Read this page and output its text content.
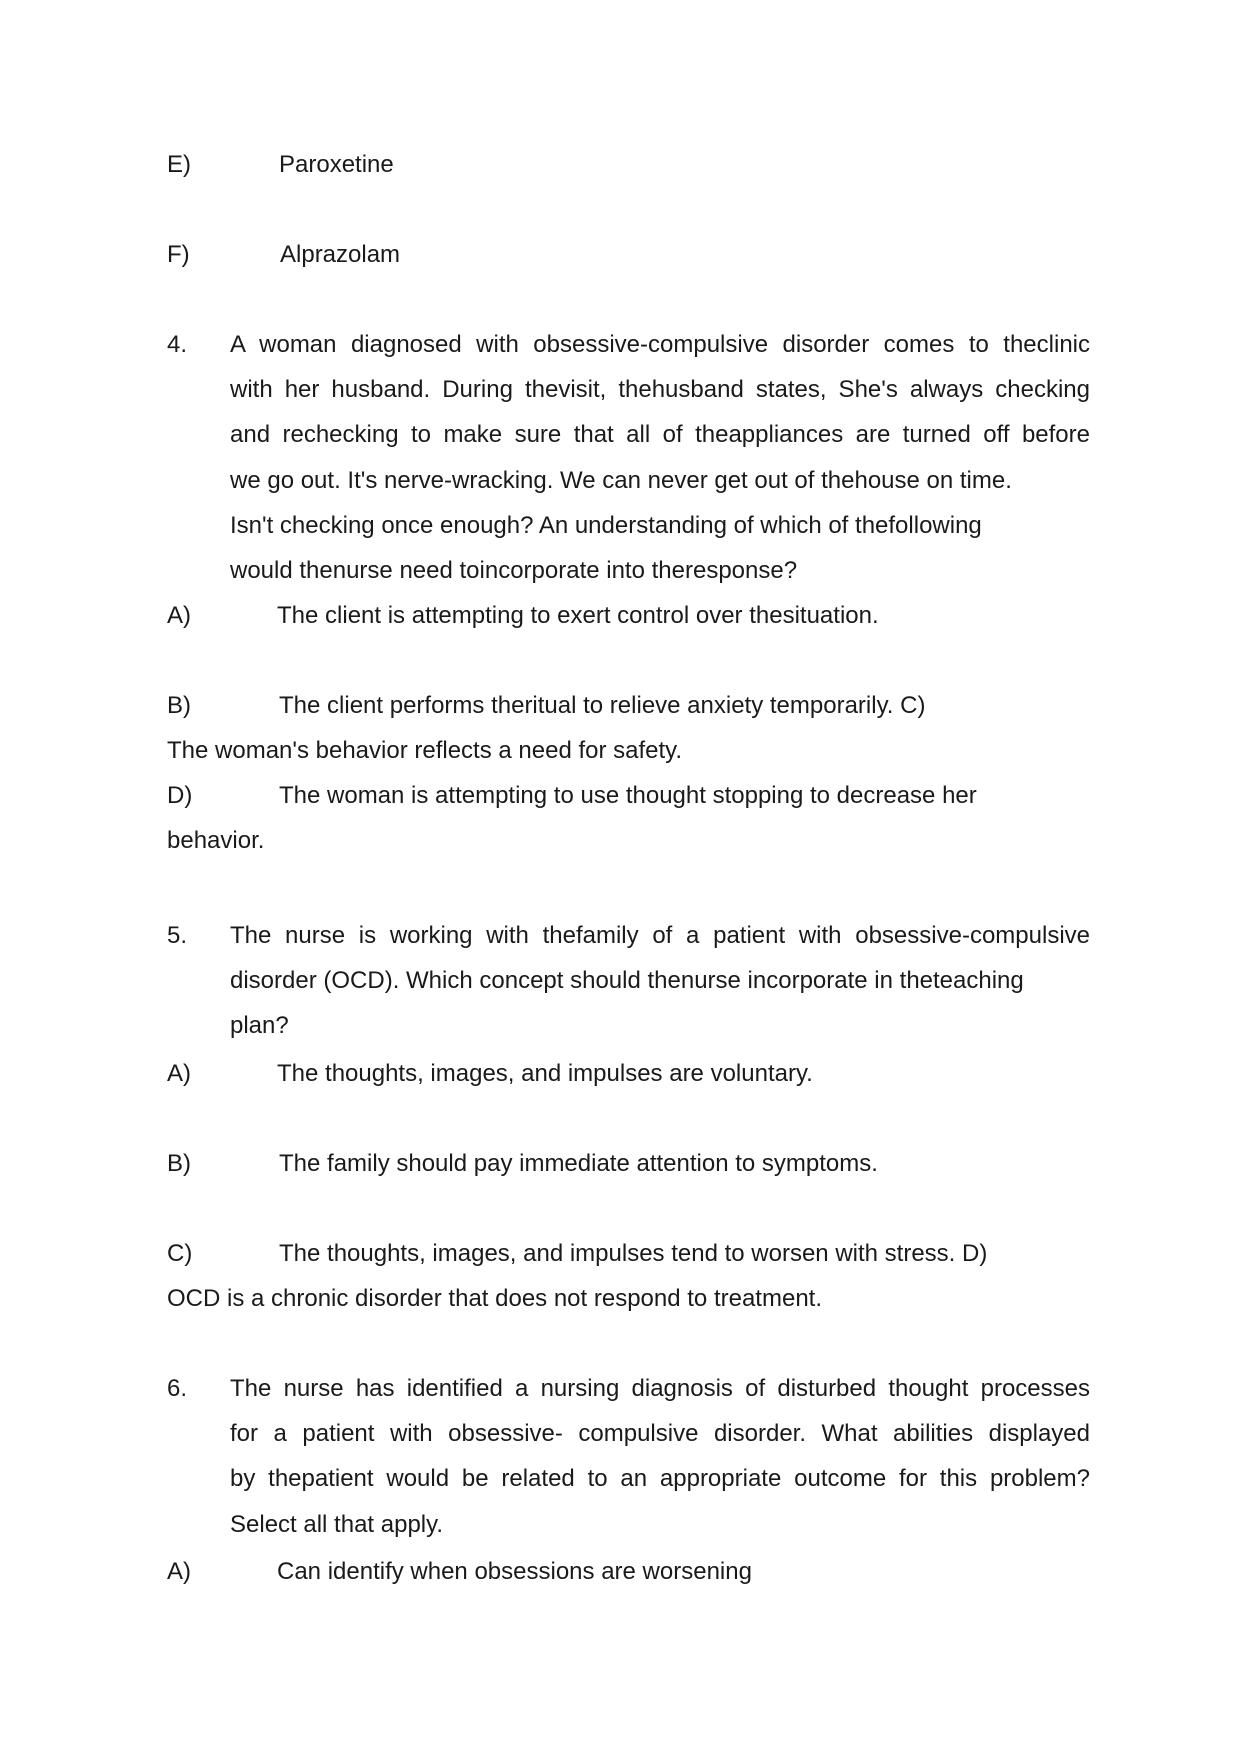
E)	Paroxetine
F)	Alprazolam
4. A woman diagnosed with obsessive-compulsive disorder comes to theclinic
with her husband. During thevisit, thehusband states, She's always checking
and rechecking to make sure that all of theappliances are turned off before
we go out. It's nerve-wracking. We can never get out of thehouse on time.
Isn't checking once enough? An understanding of which of thefollowing
would thenurse need toincorporate into theresponse?
A)	The client is attempting to exert control over thesituation.
B)	The client performs theritual to relieve anxiety temporarily. C)
The woman's behavior reflects a need for safety.
D)	The woman is attempting to use thought stopping to decrease her
behavior.
5. The nurse is working with thefamily of a patient with obsessive-compulsive
disorder (OCD). Which concept should thenurse incorporate in theteaching
plan?
A)	The thoughts, images, and impulses are voluntary.
B)	The family should pay immediate attention to symptoms.
C)	The thoughts, images, and impulses tend to worsen with stress. D)
OCD is a chronic disorder that does not respond to treatment.
6. The nurse has identified a nursing diagnosis of disturbed thought processes
for a patient with obsessive- compulsive disorder. What abilities displayed
by thepatient would be related to an appropriate outcome for this problem?
Select all that apply.
A)	Can identify when obsessions are worsening
